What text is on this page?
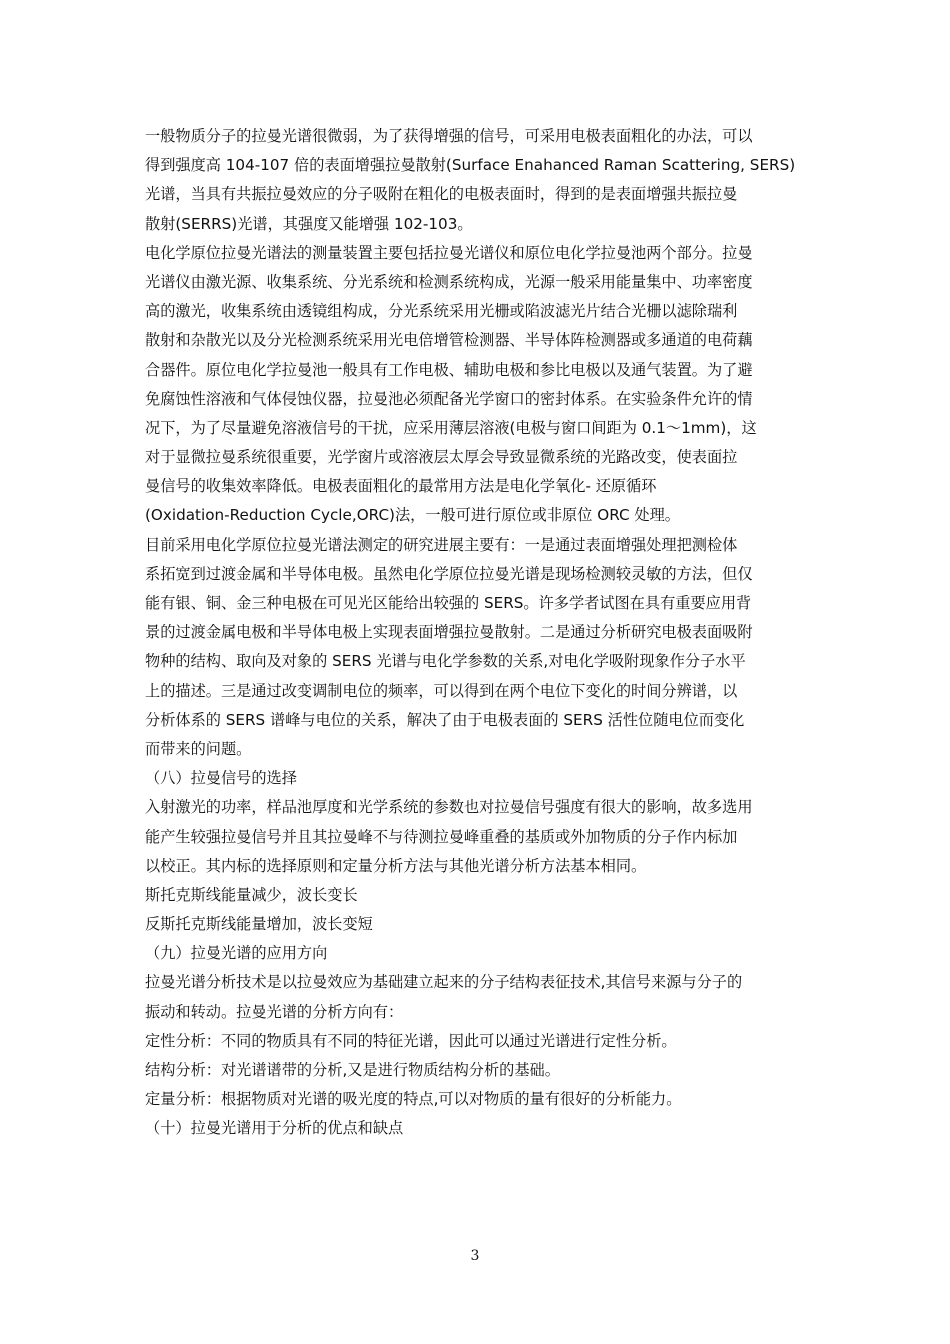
一般物质分子的拉曼光谱很微弱，为了获得增强的信号，可采用电极表面粗化的办法，可以
得到强度高 104-107 倍的表面增强拉曼散射(Surface Enahanced Raman Scattering, SERS)
光谱，当具有共振拉曼效应的分子吸附在粗化的电极表面时，得到的是表面增强共振拉曼
散射(SERRS)光谱，其强度又能增强 102-103。
电化学原位拉曼光谱法的测量装置主要包括拉曼光谱仪和原位电化学拉曼池两个部分。拉曼
光谱仪由激光源、收集系统、分光系统和检测系统构成，光源一般采用能量集中、功率密度
高的激光，收集系统由透镜组构成，分光系统采用光栅或陷波滤光片结合光栅以滤除瑞利
散射和杂散光以及分光检测系统采用光电倍增管检测器、半导体阵检测器或多通道的电荷藕
合器件。原位电化学拉曼池一般具有工作电极、辅助电极和参比电极以及通气装置。为了避
免腐蚀性溶液和气体侵蚀仪器，拉曼池必须配备光学窗口的密封体系。在实验条件允许的情
况下，为了尽量避免溶液信号的干扰，应采用薄层溶液(电极与窗口间距为 0.1～1mm)，这
对于显微拉曼系统很重要，光学窗片或溶液层太厚会导致显微系统的光路改变，使表面拉
曼信号的收集效率降低。电极表面粗化的最常用方法是电化学氧化- 还原循环
(Oxidation-Reduction Cycle,ORC)法，一般可进行原位或非原位 ORC 处理。
目前采用电化学原位拉曼光谱法测定的研究进展主要有：一是通过表面增强处理把测检体
系拓宽到过渡金属和半导体电极。虽然电化学原位拉曼光谱是现场检测较灵敏的方法，但仅
能有银、铜、金三种电极在可见光区能给出较强的 SERS。许多学者试图在具有重要应用背
景的过渡金属电极和半导体电极上实现表面增强拉曼散射。二是通过分析研究电极表面吸附
物种的结构、取向及对象的 SERS 光谱与电化学参数的关系,对电化学吸附现象作分子水平
上的描述。三是通过改变调制电位的频率，可以得到在两个电位下变化的时间分辨谱，以
分析体系的 SERS 谱峰与电位的关系，解决了由于电极表面的 SERS 活性位随电位而变化
而带来的问题。
（八）拉曼信号的选择
入射激光的功率，样品池厚度和光学系统的参数也对拉曼信号强度有很大的影响，故多选用
能产生较强拉曼信号并且其拉曼峰不与待测拉曼峰重叠的基质或外加物质的分子作内标加
以校正。其内标的选择原则和定量分析方法与其他光谱分析方法基本相同。
斯托克斯线能量减少，波长变长
反斯托克斯线能量增加，波长变短
（九）拉曼光谱的应用方向
拉曼光谱分析技术是以拉曼效应为基础建立起来的分子结构表征技术,其信号来源与分子的
振动和转动。拉曼光谱的分析方向有：
定性分析：不同的物质具有不同的特征光谱，因此可以通过光谱进行定性分析。
结构分析：对光谱谱带的分析,又是进行物质结构分析的基础。
定量分析：根据物质对光谱的吸光度的特点,可以对物质的量有很好的分析能力。
（十）拉曼光谱用于分析的优点和缺点
3
